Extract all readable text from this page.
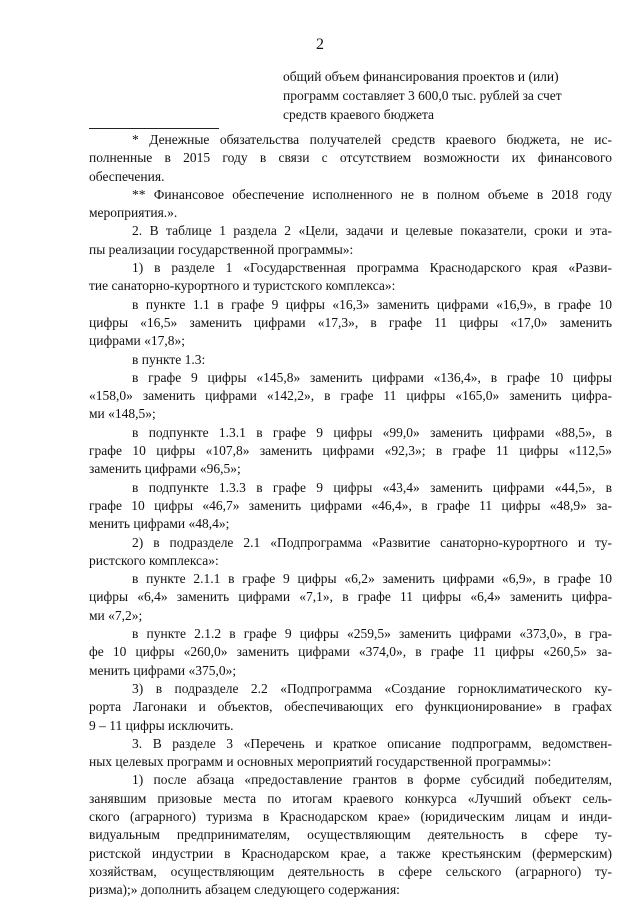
2

общий объем финансирования проектов и (или)

программ составляет 3 600,0 тыс. рублей за счет

средств краевого бюджета

* Денежные обязательства получателей средств краевого бюджета, не ис-
полненные в 2015 году в связи с отсутствием возможности их финансового
обеспечения.
** Финансовое обеспечение исполненного не в полном объеме в 2018 году
мероприятия.».
2. В таблице 1 раздела 2 «Цели, задачи и целевые показатели, сроки и эта-
пы реализации государственной программы»:
1) в разделе 1 «Государственная программа Краснодарского края «Разви-
тие санаторно-курортного и туристского комплекса»:
в пункте 1.1 в графе 9 цифры «16,3» заменить цифрами «16,9», в графе 10
цифры «16,5» заменить цифрами «17,3», в графе 11 цифры «17,0» заменить
цифрами «17,8»;
в пункте 1.3:
в графе 9 цифры «145,8» заменить цифрами «136,4», в графе 10 цифры
«158,0» заменить цифрами «142,2», в графе 11 цифры «165,0» заменить цифра-
ми «148,5»;
в подпункте 1.3.1 в графе 9 цифры «99,0» заменить цифрами «88,5», в
графе 10 цифры «107,8» заменить цифрами «92,3»; в графе 11 цифры «112,5»
заменить цифрами «96,5»;
в подпункте 1.3.3 в графе 9 цифры «43,4» заменить цифрами «44,5», в
графе 10 цифры «46,7» заменить цифрами «46,4», в графе 11 цифры «48,9» за-
менить цифрами «48,4»;
2) в подразделе 2.1 «Подпрограмма «Развитие санаторно-курортного и ту-
ристского комплекса»:
в пункте 2.1.1 в графе 9 цифры «6,2» заменить цифрами «6,9», в графе 10
цифры «6,4» заменить цифрами «7,1», в графе 11 цифры «6,4» заменить цифра-
ми «7,2»;
в пункте 2.1.2 в графе 9 цифры «259,5» заменить цифрами «373,0», в гра-
фе 10 цифры «260,0» заменить цифрами «374,0», в графе 11 цифры «260,5» за-
менить цифрами «375,0»;
3) в подразделе 2.2 «Подпрограмма «Создание горноклиматического ку-
рорта Лагонаки и объектов, обеспечивающих его функционирование» в графах
9 – 11 цифры исключить.
3. В разделе 3 «Перечень и краткое описание подпрограмм, ведомствен-
ных целевых программ и основных мероприятий государственной программы»:
1) после абзаца «предоставление грантов в форме субсидий победителям,
занявшим призовые места по итогам краевого конкурса «Лучший объект сель-
ского (аграрного) туризма в Краснодарском крае» (юридическим лицам и инди-
видуальным предпринимателям, осуществляющим деятельность в сфере ту-
ристской индустрии в Краснодарском крае, а также крестьянским (фермерским)
хозяйствам, осуществляющим деятельность в сфере сельского (аграрного) ту-
ризма);» дополнить абзацем следующего содержания:
